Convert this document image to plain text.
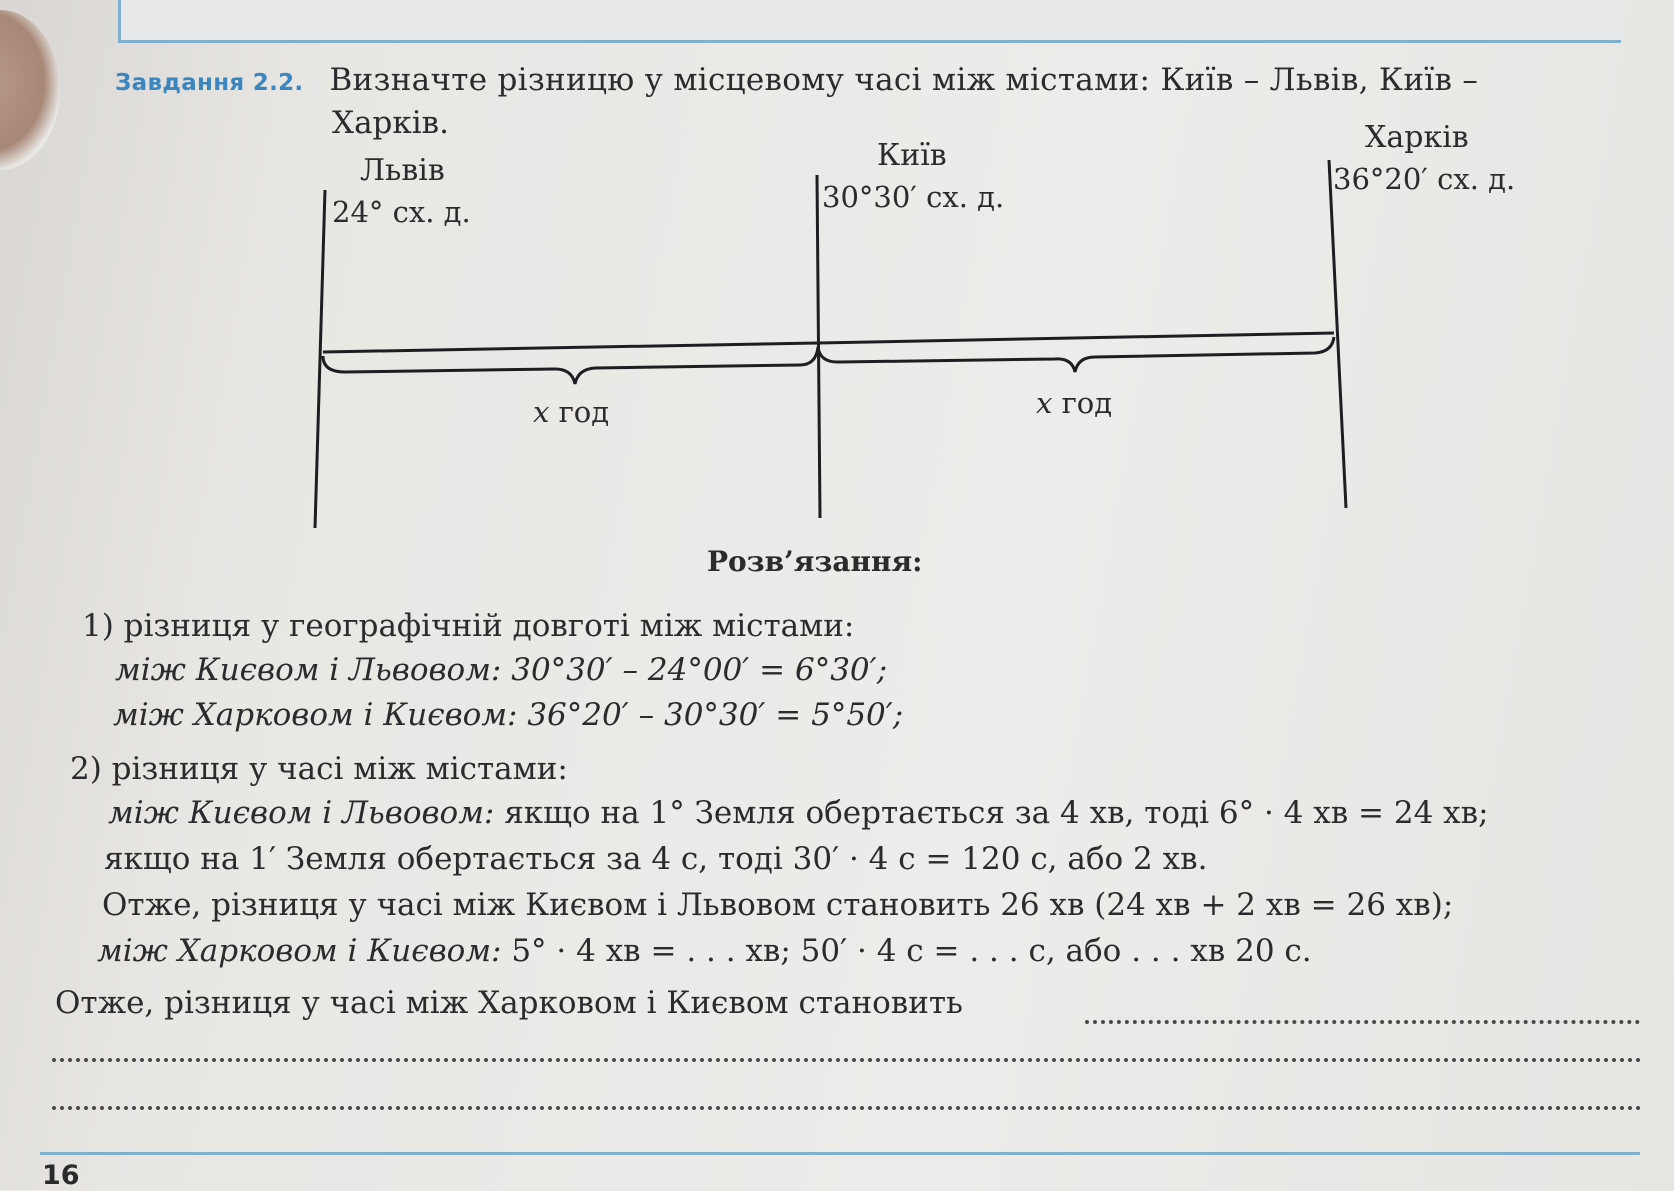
Завдання 2.2. Визначте різницю у місцевому часі між містами: Київ – Львів, Київ –
Харків.
Львів
24° сх. д.
Київ
30°30′ сх. д.
Харків
36°20′ сх. д.
x год	x год
Розв’язання:
1) різниця у географічній довготі між містами:
між Києвом і Львовом: 30°30′ – 24°00′ = 6°30′;
між Харковом і Києвом: 36°20′ – 30°30′ = 5°50′;
2) різниця у часі між містами:
між Києвом і Львовом: якщо на 1° Земля обертається за 4 хв, тоді 6° · 4 хв = 24 хв;
якщо на 1′ Земля обертається за 4 с, тоді 30′ · 4 с = 120 с, або 2 хв.
Отже, різниця у часі між Києвом і Львовом становить 26 хв (24 хв + 2 хв = 26 хв);
між Харковом і Києвом: 5° · 4 хв = . . . хв; 50′ · 4 с = . . . с, або . . . хв 20 с.
Отже, різниця у часі між Харковом і Києвом становить
16
